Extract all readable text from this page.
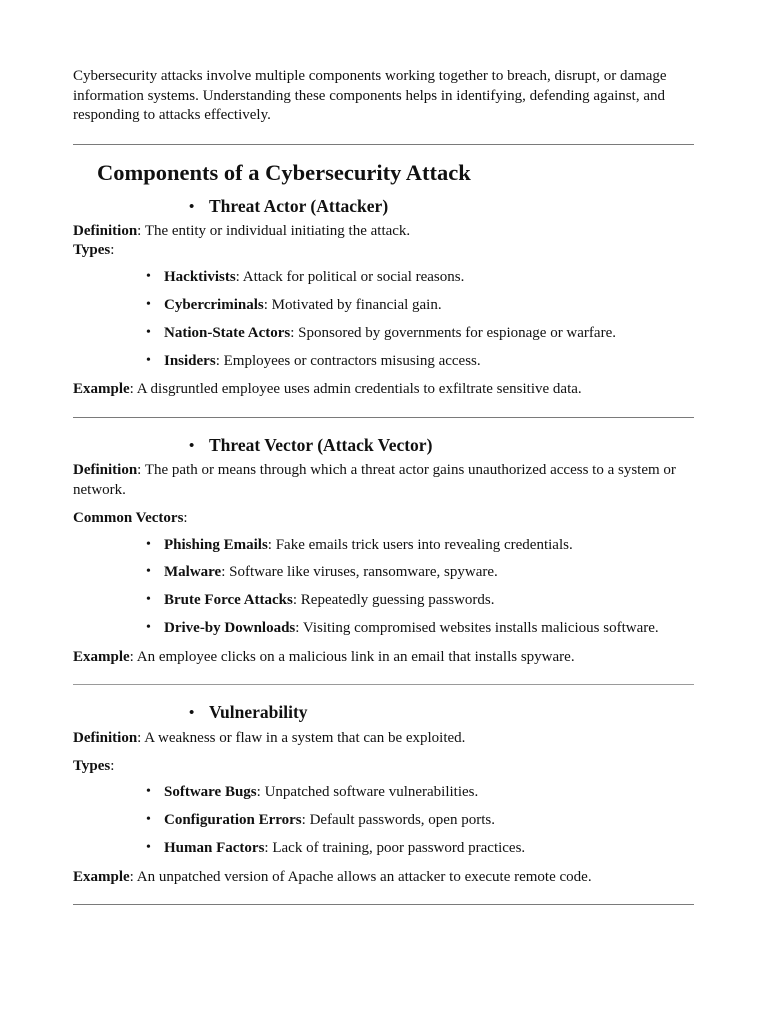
Cybersecurity attacks involve multiple components working together to breach, disrupt, or damage information systems. Understanding these components helps in identifying, defending against, and responding to attacks effectively.

Components of a Cybersecurity Attack
• Threat Actor (Attacker)
Definition: The entity or individual initiating the attack.
Types:
• Hacktivists: Attack for political or social reasons.
• Cybercriminals: Motivated by financial gain.
• Nation-State Actors: Sponsored by governments for espionage or warfare.
• Insiders: Employees or contractors misusing access.
Example: A disgruntled employee uses admin credentials to exfiltrate sensitive data.
• Threat Vector (Attack Vector)
Definition: The path or means through which a threat actor gains unauthorized access to a system or network.
Common Vectors:
• Phishing Emails: Fake emails trick users into revealing credentials.
• Malware: Software like viruses, ransomware, spyware.
• Brute Force Attacks: Repeatedly guessing passwords.
• Drive-by Downloads: Visiting compromised websites installs malicious software.
Example: An employee clicks on a malicious link in an email that installs spyware.
• Vulnerability
Definition: A weakness or flaw in a system that can be exploited.
Types:
• Software Bugs: Unpatched software vulnerabilities.
• Configuration Errors: Default passwords, open ports.
• Human Factors: Lack of training, poor password practices.
Example: An unpatched version of Apache allows an attacker to execute remote code.
